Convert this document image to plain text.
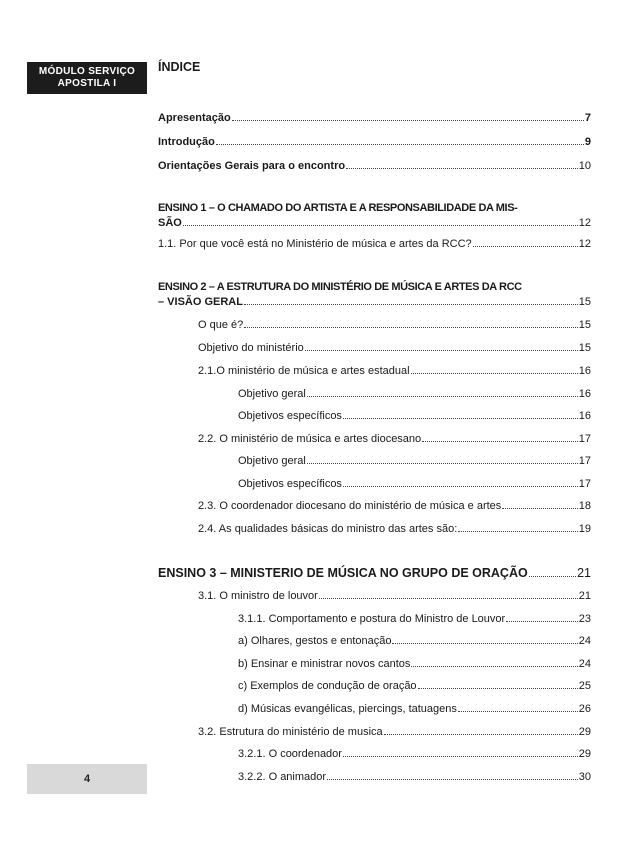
MÓDULO SERVIÇO
APOSTILA I
4
ÍNDICE
Apresentação	7
Introdução	9
Orientações Gerais para o encontro	10
ENSINO 1 – O CHAMADO DO ARTISTA E A RESPONSABILIDADE DA MIS-
SÃO	12
1.1. Por que você está no Ministério de música e artes da RCC?	12
ENSINO 2 – A ESTRUTURA DO MINISTÉRIO DE MÚSICA E ARTES DA RCC
– VISÃO GERAL	15
O que é?	15
Objetivo do ministério	15
2.1.O ministério de música e artes estadual	16
Objetivo geral	16
Objetivos específicos	16
2.2. O ministério de música e artes diocesano	17
Objetivo geral	17
Objetivos específicos	17
2.3. O coordenador diocesano do ministério de música e artes	18
2.4. As qualidades básicas do ministro das artes são:	19
ENSINO 3 – MINISTERIO DE MÚSICA NO GRUPO DE ORAÇÃO	21
3.1. O ministro de louvor	21
3.1.1. Comportamento e postura do Ministro de Louvor	23
a) Olhares, gestos e entonação	24
b) Ensinar e ministrar novos cantos	24
c) Exemplos de condução de oração	25
d) Músicas evangélicas, piercings, tatuagens	26
3.2. Estrutura do ministério de musica	29
3.2.1. O coordenador	29
3.2.2. O animador	30
